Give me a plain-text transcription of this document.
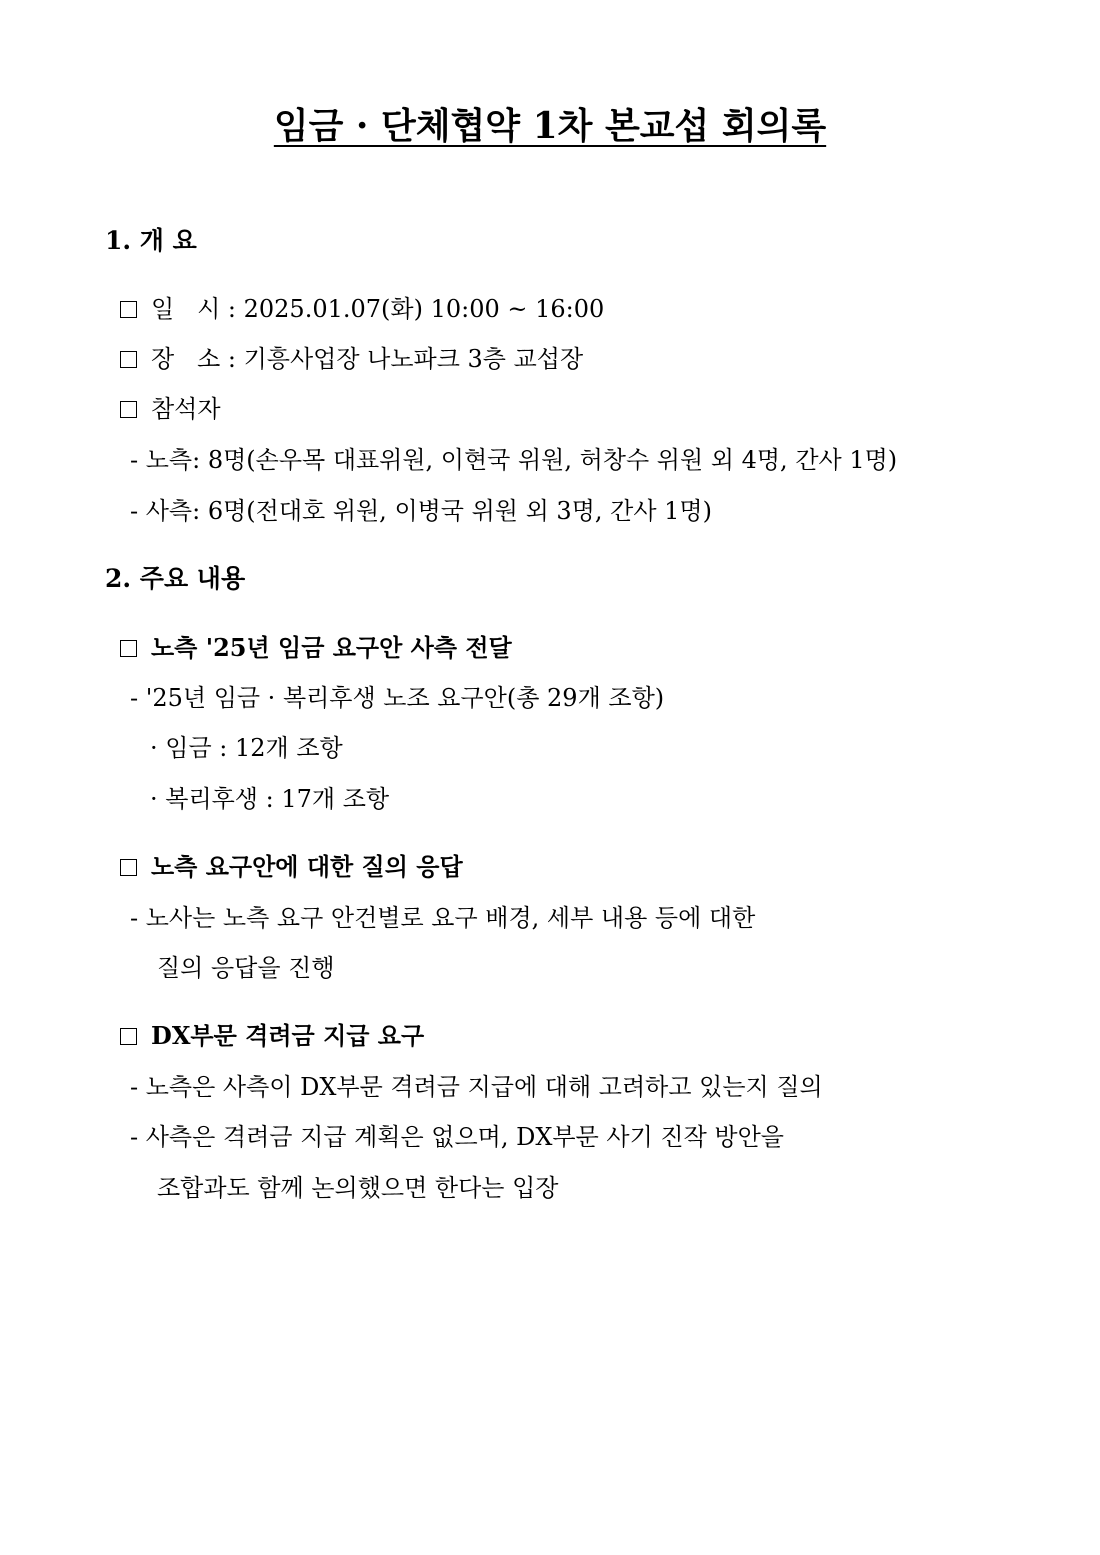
임금 · 단체협약 1차 본교섭 회의록
1. 개 요
일   시 : 2025.01.07(화) 10:00 ~ 16:00
장   소 : 기흥사업장 나노파크 3층 교섭장
참석자
- 노측: 8명(손우목 대표위원, 이현국 위원, 허창수 위원 외 4명, 간사 1명)
- 사측: 6명(전대호 위원, 이병국 위원 외 3명, 간사 1명)
2. 주요 내용
노측 '25년 임금 요구안 사측 전달
- '25년 임금 · 복리후생 노조 요구안(총 29개 조항)
· 임금 : 12개 조항
· 복리후생 : 17개 조항
노측 요구안에 대한 질의 응답
- 노사는 노측 요구 안건별로 요구 배경, 세부 내용 등에 대한
질의 응답을 진행
DX부문 격려금 지급 요구
- 노측은 사측이 DX부문 격려금 지급에 대해 고려하고 있는지 질의
- 사측은 격려금 지급 계획은 없으며, DX부문 사기 진작 방안을
조합과도 함께 논의했으면 한다는 입장
